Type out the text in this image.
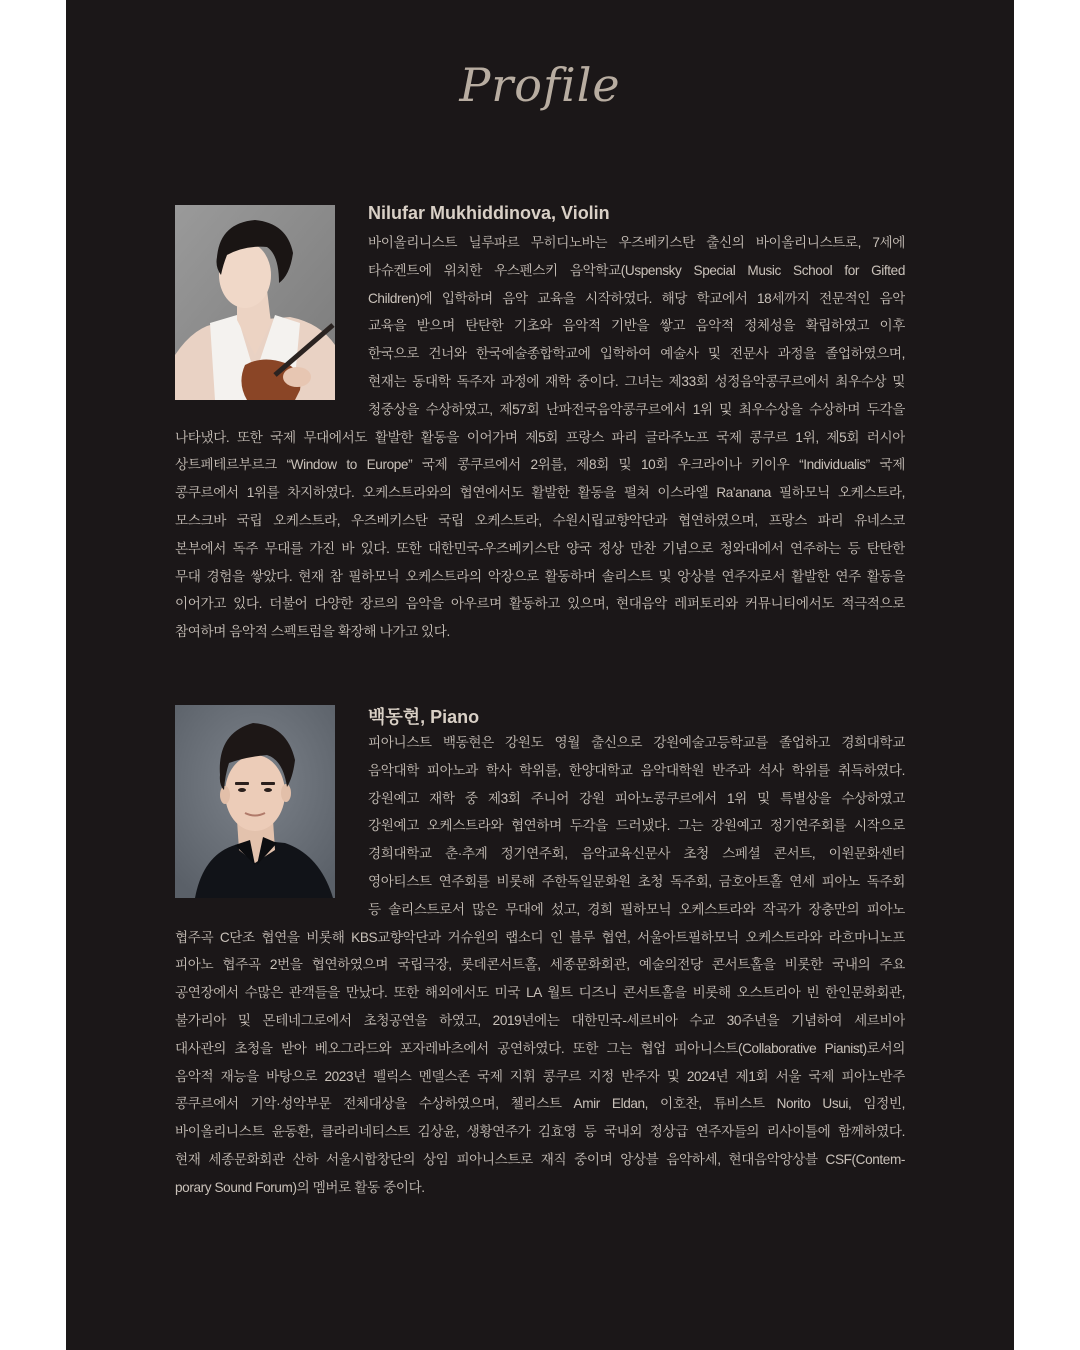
Profile
Nilufar Mukhiddinova, Violin
바이올리니스트 닐루파르 무히디노바는 우즈베키스탄 출신의 바이올리니스트로, 7세에
타슈켄트에 위치한 우스펜스키 음악학교(Uspensky Special Music School for Gifted
Children)에 입학하며 음악 교육을 시작하였다. 해당 학교에서 18세까지 전문적인 음악
교육을 받으며 탄탄한 기초와 음악적 기반을 쌓고 음악적 정체성을 확립하였고 이후
한국으로 건너와 한국예술종합학교에 입학하여 예술사 및 전문사 과정을 졸업하였으며,
현재는 동대학 독주자 과정에 재학 중이다. 그녀는 제33회 성정음악콩쿠르에서 최우수상 및
청중상을 수상하였고, 제57회 난파전국음악콩쿠르에서 1위 및 최우수상을 수상하며 두각을
나타냈다. 또한 국제 무대에서도 활발한 활동을 이어가며 제5회 프랑스 파리 글라주노프 국제 콩쿠르 1위, 제5회 러시아
상트페테르부르크 “Window to Europe” 국제 콩쿠르에서 2위를, 제8회 및 10회 우크라이나 키이우 “Individualis” 국제
콩쿠르에서 1위를 차지하였다. 오케스트라와의 협연에서도 활발한 활동을 펼쳐 이스라엘 Ra'anana 필하모닉 오케스트라,
모스크바 국립 오케스트라, 우즈베키스탄 국립 오케스트라, 수원시립교향악단과 협연하였으며, 프랑스 파리 유네스코
본부에서 독주 무대를 가진 바 있다. 또한 대한민국-우즈베키스탄 양국 정상 만찬 기념으로 청와대에서 연주하는 등 탄탄한
무대 경험을 쌓았다. 현재 참 필하모닉 오케스트라의 악장으로 활동하며 솔리스트 및 앙상블 연주자로서 활발한 연주 활동을
이어가고 있다. 더불어 다양한 장르의 음악을 아우르며 활동하고 있으며, 현대음악 레퍼토리와 커뮤니티에서도 적극적으로
참여하며 음악적 스펙트럼을 확장해 나가고 있다.
백동현, Piano
피아니스트 백동현은 강원도 영월 출신으로 강원예술고등학교를 졸업하고 경희대학교
음악대학 피아노과 학사 학위를, 한양대학교 음악대학원 반주과 석사 학위를 취득하였다.
강원예고 재학 중 제3회 주니어 강원 피아노콩쿠르에서 1위 및 특별상을 수상하였고
강원예고 오케스트라와 협연하며 두각을 드러냈다. 그는 강원예고 정기연주회를 시작으로
경희대학교 춘·추계 정기연주회, 음악교육신문사 초청 스페셜 콘서트, 이원문화센터
영아티스트 연주회를 비롯해 주한독일문화원 초청 독주회, 금호아트홀 연세 피아노 독주회
등 솔리스트로서 많은 무대에 섰고, 경희 필하모닉 오케스트라와 작곡가 장충만의 피아노
협주곡 C단조 협연을 비롯해 KBS교향악단과 거슈윈의 랩소디 인 블루 협연, 서울아트필하모닉 오케스트라와 라흐마니노프
피아노 협주곡 2번을 협연하였으며 국립극장, 롯데콘서트홀, 세종문화회관, 예술의전당 콘서트홀을 비롯한 국내의 주요
공연장에서 수많은 관객들을 만났다. 또한 해외에서도 미국 LA 월트 디즈니 콘서트홀을 비롯해 오스트리아 빈 한인문화회관,
불가리아 및 몬테네그로에서 초청공연을 하였고, 2019년에는 대한민국-세르비아 수교 30주년을 기념하여 세르비아
대사관의 초청을 받아 베오그라드와 포자레바츠에서 공연하였다. 또한 그는 협업 피아니스트(Collaborative Pianist)로서의
음악적 재능을 바탕으로 2023년 펠릭스 멘델스존 국제 지휘 콩쿠르 지정 반주자 및 2024년 제1회 서울 국제 피아노반주
콩쿠르에서 기악·성악부문 전체대상을 수상하였으며, 첼리스트 Amir Eldan, 이호찬, 튜비스트 Norito Usui, 임정빈,
바이올리니스트 윤동환, 클라리네티스트 김상윤, 생황연주가 김효영 등 국내외 정상급 연주자들의 리사이틀에 함께하였다.
현재 세종문화회관 산하 서울시합창단의 상임 피아니스트로 재직 중이며 앙상블 음악하세, 현대음악앙상블 CSF(Contem-
porary Sound Forum)의 멤버로 활동 중이다.
